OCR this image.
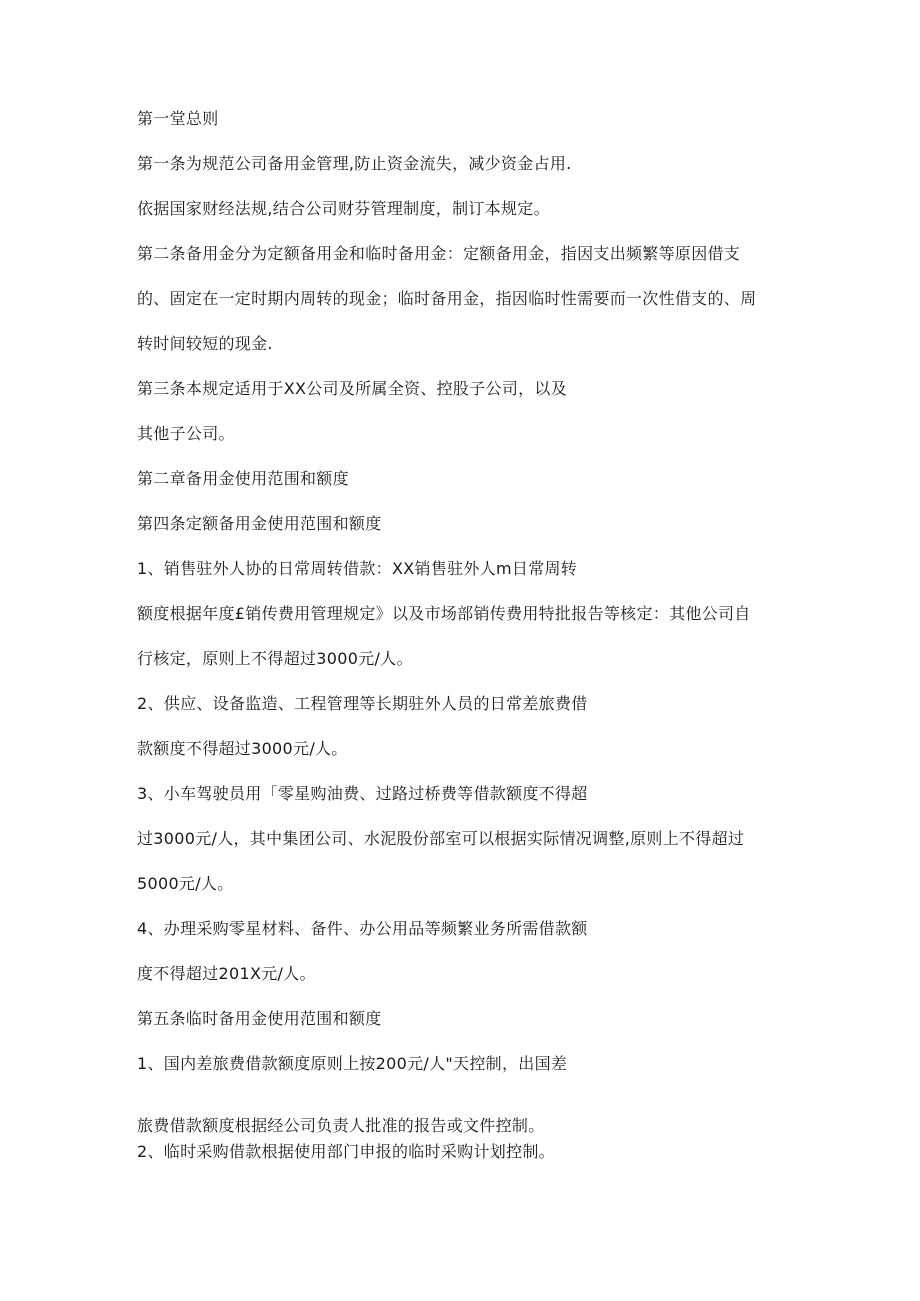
第一堂总则
第一条为规范公司备用金管理,防止资金流失，减少资金占用.
依据国家财经法规,结合公司财芬管理制度，制订本规定。
第二条备用金分为定额备用金和临时备用金：定额备用金，指因支出频繁等原因借支
的、固定在一定时期内周转的现金；临时备用金，指因临时性需要而一次性借支的、周
转时间较短的现金.
第三条本规定适用于XX公司及所属全资、控股子公司，以及
其他子公司。
第二章备用金使用范围和额度
第四条定额备用金使用范围和额度
1、销售驻外人协的日常周转借款：XX销售驻外人m日常周转
额度根据年度£销传费用管理规定》以及市场部销传费用特批报告等核定：其他公司自
行核定，原则上不得超过3000元/人。
2、供应、设备监造、工程管理等长期驻外人员的日常差旅费借
款额度不得超过3000元/人。
3、小车驾驶员用「零星购油费、过路过桥费等借款额度不得超
过3000元/人，其中集团公司、水泥股份部室可以根据实际情况调整,原则上不得超过
5000元/人。
4、办理采购零星材料、备件、办公用品等频繁业务所需借款额
度不得超过201X元/人。
第五条临时备用金使用范围和额度
1、国内差旅费借款额度原则上按200元/人"天控制，出国差
旅费借款额度根据经公司负责人批准的报告或文件控制。
2、临时采购借款根据使用部门申报的临时采购计划控制。
